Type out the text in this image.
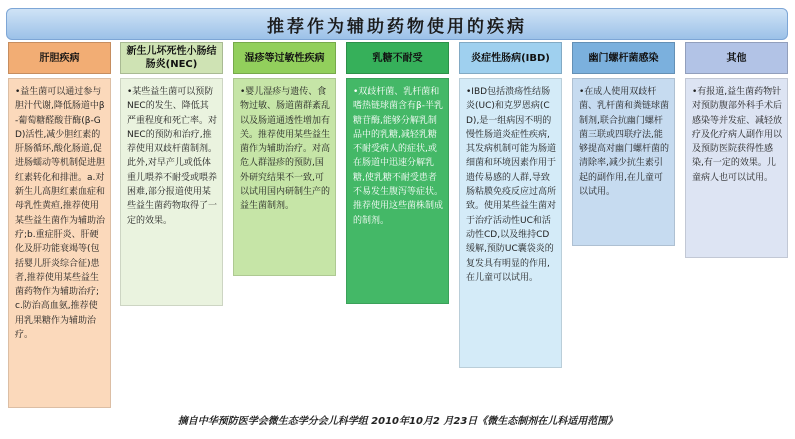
推荐作为辅助药物使用的疾病
肝胆疾病
•益生菌可以通过参与胆汁代谢,降低肠道中β-葡萄糖醛酸苷酶(β-GD)活性,减少胆红素的肝肠循环,酸化肠道,促进肠蠕动等机制促进胆红素转化和排泄。a.对新生儿高胆红素血症和母乳性黄疸,推荐使用某些益生菌作为辅助治疗;b.重症肝炎、肝硬化及肝功能衰竭等(包括婴儿肝炎综合征)患者,推荐使用某些益生菌药物作为辅助治疗;c.防治高血氨,推荐使用乳果糖作为辅助治疗。
新生儿坏死性小肠结肠炎(NEC)
•某些益生菌可以预防NEC的发生、降低其严重程度和死亡率。对NEC的预防和治疗,推荐使用双歧杆菌制剂。此外,对早产儿或低体重儿喂养不耐受或喂养困难,部分报道使用某些益生菌药物取得了一定的效果。
湿疹等过敏性疾病
•婴儿湿疹与遗传、食物过敏、肠道菌群紊乱以及肠道通透性增加有关。推荐使用某些益生菌作为辅助治疗。对高危人群湿疹的预防,国外研究结果不一致,可以试用国内研制生产的益生菌制剂。
乳糖不耐受
•双歧杆菌、乳杆菌和嗜热链球菌含有β-半乳糖苷酶,能够分解乳制品中的乳糖,减轻乳糖不耐受病人的症状,或在肠道中迅速分解乳糖,使乳糖不耐受患者不易发生腹泻等症状。推荐使用这些菌株制成的制剂。
炎症性肠病(IBD)
•IBD包括溃疡性结肠炎(UC)和克罗恩病(CD),是一组病因不明的慢性肠道炎症性疾病,其发病机制可能为肠道细菌和环境因素作用于遗传易感的人群,导致肠粘膜免疫反应过高所致。使用某些益生菌对于治疗活动性UC和活动性CD,以及维持CD缓解,预防UC囊袋炎的复发具有明显的作用,在儿童可以试用。
幽门螺杆菌感染
•在成人使用双歧杆菌、乳杆菌和粪链球菌制剂,联合抗幽门螺杆菌三联或四联疗法,能够提高对幽门螺杆菌的清除率,减少抗生素引起的副作用,在儿童可以试用。
其他
•有报道,益生菌药物针对预防腹部外科手术后感染等并发症、减轻放疗及化疗病人副作用以及预防医院获得性感染,有一定的效果。儿童病人也可以试用。
摘自中华预防医学会微生态学分会儿科学组 2010年10月2 月23日《微生态制剂在儿科适用范围》
